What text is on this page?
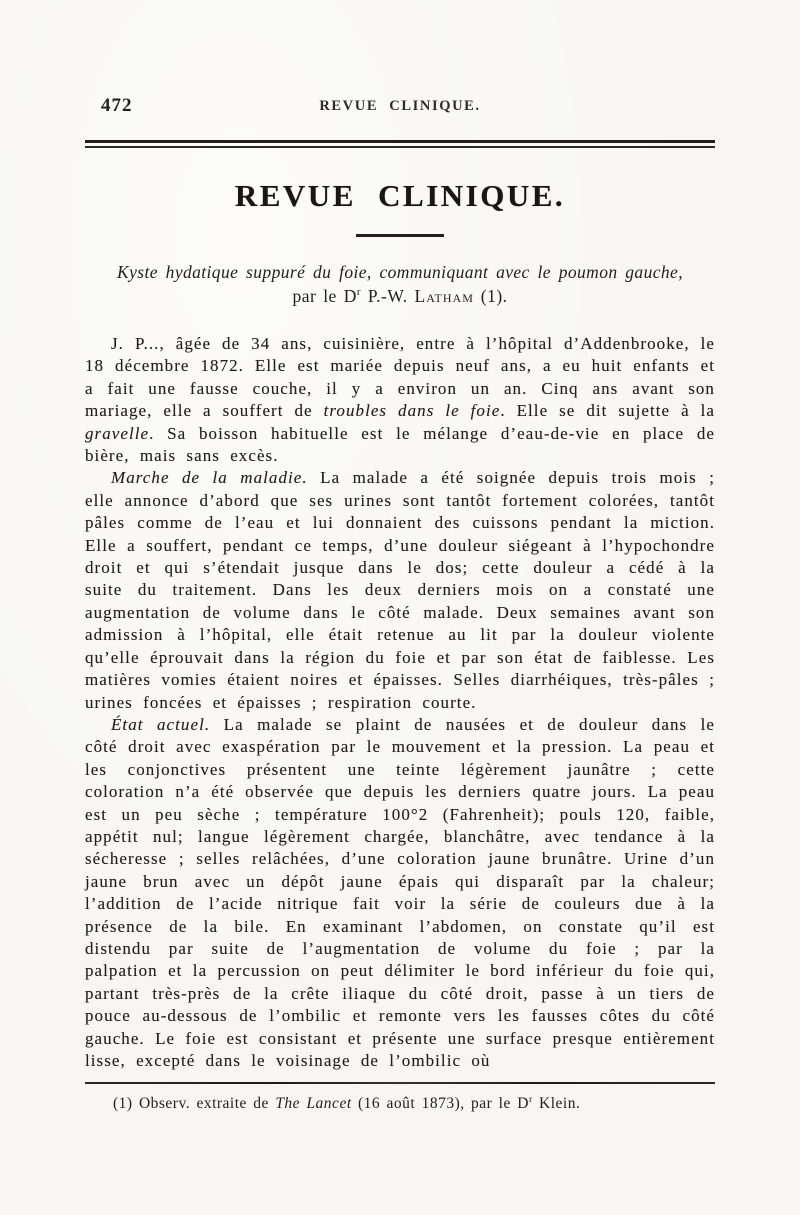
472	REVUE CLINIQUE.
REVUE CLINIQUE.
Kyste hydatique suppuré du foie, communiquant avec le poumon gauche,
par le $D^r$ P.-W. Latham (1).

J. P..., âgée de 34 ans, cuisinière, entre à l’hôpital d’Addenbrooke, le 18 décembre 1872. Elle est mariée depuis neuf ans, a eu huit enfants et a fait une fausse couche, il y a environ un an. Cinq ans avant son mariage, elle a souffert de troubles dans le foie. Elle se dit sujette à la gravelle. Sa boisson habituelle est le mélange d’eau-de-vie en place de bière, mais sans excès.

Marche de la maladie. La malade a été soignée depuis trois mois ; elle annonce d’abord que ses urines sont tantôt fortement colorées, tantôt pâles comme de l’eau et lui donnaient des cuissons pendant la miction. Elle a souffert, pendant ce temps, d’une douleur siégeant à l’hypochondre droit et qui s’étendait jusque dans le dos; cette douleur a cédé à la suite du traitement. Dans les deux derniers mois on a constaté une augmentation de volume dans le côté malade. Deux semaines avant son admission à l’hôpital, elle était retenue au lit par la douleur violente qu’elle éprouvait dans la région du foie et par son état de faiblesse. Les matières vomies étaient noires et épaisses. Selles diarrhéiques, très-pâles ; urines foncées et épaisses ; respiration courte.

État actuel. La malade se plaint de nausées et de douleur dans le côté droit avec exaspération par le mouvement et la pression. La peau et les conjonctives présentent une teinte légèrement jaunâtre ; cette coloration n’a été observée que depuis les derniers quatre jours. La peau est un peu sèche ; température 100°2 (Fahrenheit); pouls 120, faible, appétit nul; langue légèrement chargée, blanchâtre, avec tendance à la sécheresse ; selles relâchées, d’une coloration jaune brunâtre. Urine d’un jaune brun avec un dépôt jaune épais qui disparaît par la chaleur; l’addition de l’acide nitrique fait voir la série de couleurs due à la présence de la bile. En examinant l’abdomen, on constate qu’il est distendu par suite de l’augmentation de volume du foie ; par la palpation et la percussion on peut délimiter le bord inférieur du foie qui, partant très-près de la crête iliaque du côté droit, passe à un tiers de pouce au-dessous de l’ombilic et remonte vers les fausses côtes du côté gauche. Le foie est consistant et présente une surface presque entièrement lisse, excepté dans le voisinage de l’ombilic où

(1) Observ. extraite de The Lancet (16 août 1873), par le $D^r$ Klein.
